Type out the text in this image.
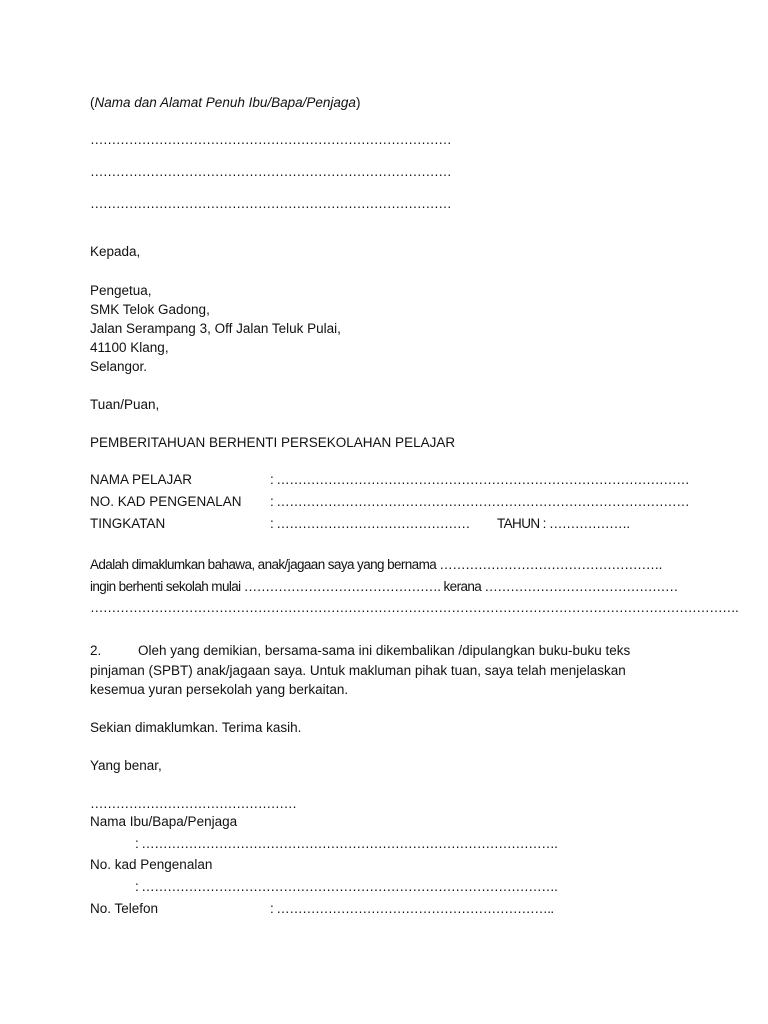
(Nama dan Alamat Penuh Ibu/Bapa/Penjaga)
…………………………………………………………………………
…………………………………………………………………………
…………………………………………………………………………
Kepada,
Pengetua,
SMK Telok Gadong,
Jalan Serampang 3, Off Jalan Teluk Pulai,
41100 Klang,
Selangor.
Tuan/Puan,
PEMBERITAHUAN BERHENTI PERSEKOLAHAN PELAJAR
NAMA PELAJAR	: ……………………………………………………………………………………
NO. KAD PENGENALAN : ……………………………………………………………………………………
TINGKATAN	: ……………………………………… TAHUN : ……………….
Adalah dimaklumkan bahawa, anak/jagaan saya yang bernama …………………………………………….
ingin berhenti sekolah mulai ………………………………………. kerana ………………………………………
…………………………………………………………………………………………………………………………………….
2.	Oleh yang demikian, bersama-sama ini dikembalikan /dipulangkan buku-buku teks
pinjaman (SPBT) anak/jagaan saya. Untuk makluman pihak tuan, saya telah menjelaskan
kesemua yuran persekolah yang berkaitan.
Sekian dimaklumkan. Terima kasih.
Yang benar,
…………………………………………
Nama Ibu/Bapa/Penjaga
: …………………………………………………………………………………….
No. kad Pengenalan
: …………………………………………………………………………………….
No. Telefon	: ………………………………………………………..
